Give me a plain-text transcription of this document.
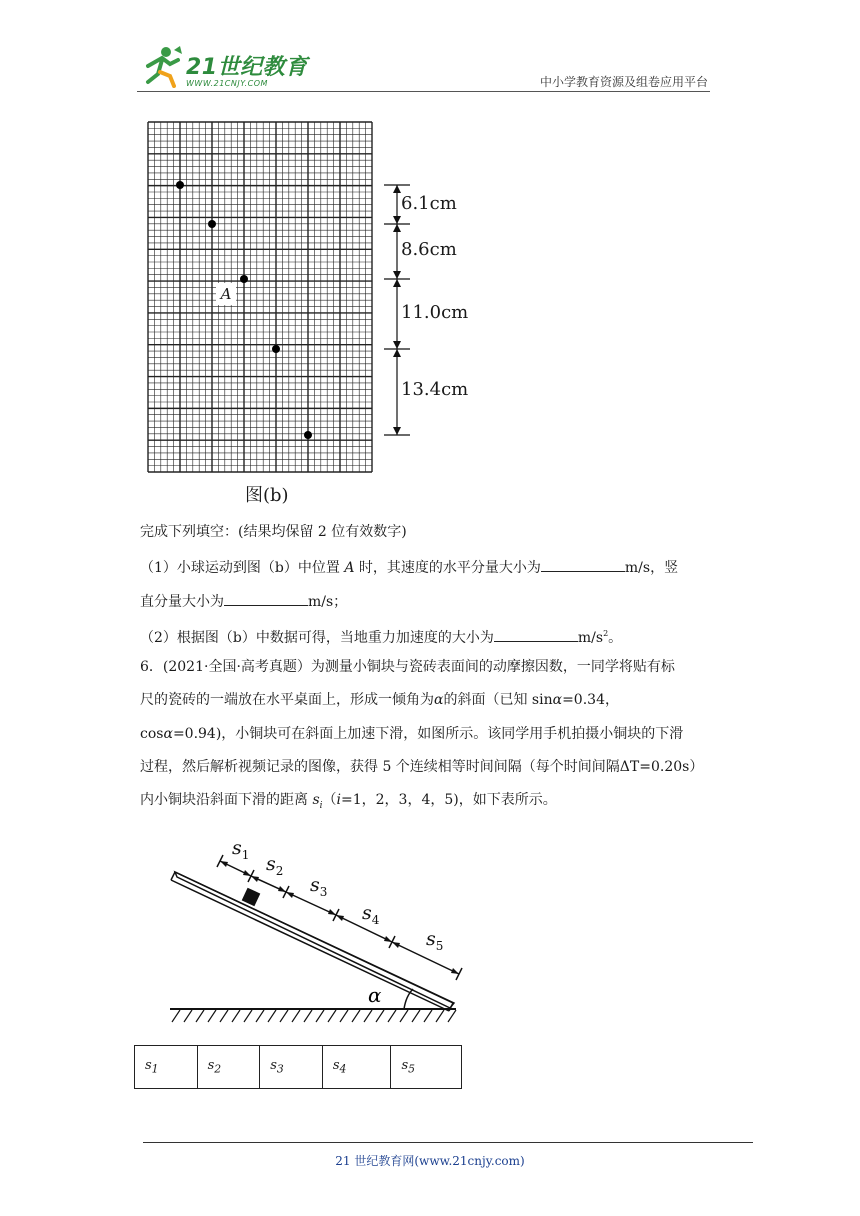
21世纪教育
WWW.21CNJY.COM	中小学教育资源及组卷应用平台
A
6.1cm
8.6cm
11.0cm
13.4cm
图(b)
完成下列填空：(结果均保留 2 位有效数字)
（1）小球运动到图（b）中位置 A 时，其速度的水平分量大小为	m/s，竖
直分量大小为	m/s；
（2）根据图（b）中数据可得，当地重力加速度的大小为	$m/s^2$。
6．(2021·全国·高考真题）为测量小铜块与瓷砖表面间的动摩擦因数，一同学将贴有标
尺的瓷砖的一端放在水平桌面上，形成一倾角为α的斜面（已知 sinα=0.34，
cosα=0.94)，小铜块可在斜面上加速下滑，如图所示。该同学用手机拍摄小铜块的下滑
过程，然后解析视频记录的图像，获得 5 个连续相等时间间隔（每个时间间隔ΔT=0.20s）
内小铜块沿斜面下滑的距离 $s_i(i=1$，2，3，4，5)，如下表所示。
α
$s_1$ $s_2$
$s_3$
$s_4$
$s_5$
$s_1$	$s_2$	$s_3$	$s_4$	$s_5$
21 世纪教育网(www.21cnjy.com)
